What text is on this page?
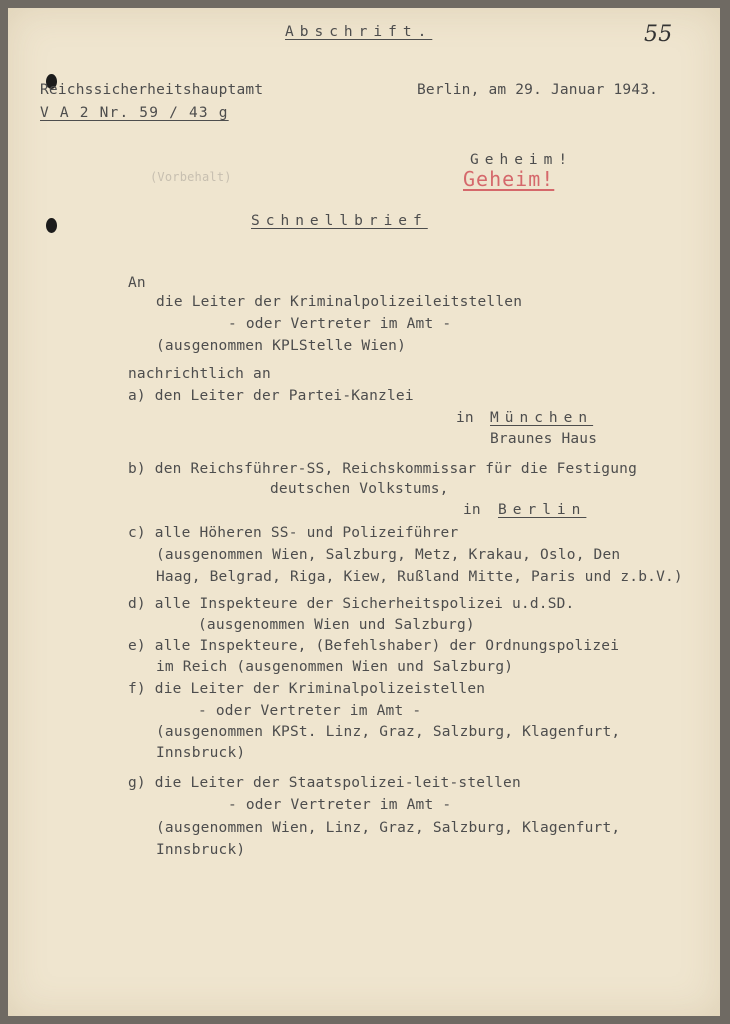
Abschrift.	55
Reichssicherheitshauptamt
V A 2 Nr. 59 / 43 g
Berlin, am 29. Januar 1943.
Geheim!
Geheim!
(Vorbehalt)
Schnellbrief
An
die Leiter der Kriminalpolizeileitstellen
- oder Vertreter im Amt -
(ausgenommen KPLStelle Wien)
nachrichtlich an
a) den Leiter der Partei-Kanzlei
in München
Braunes Haus
b) den Reichsführer-SS, Reichskommissar für die Festigung
deutschen Volkstums,
in Berlin
c) alle Höheren SS- und Polizeiführer
(ausgenommen Wien, Salzburg, Metz, Krakau, Oslo, Den
Haag, Belgrad, Riga, Kiew, Rußland Mitte, Paris und z.b.V.)
d) alle Inspekteure der Sicherheitspolizei u.d.SD.
(ausgenommen Wien und Salzburg)
e) alle Inspekteure, (Befehlshaber) der Ordnungspolizei
im Reich (ausgenommen Wien und Salzburg)
f) die Leiter der Kriminalpolizeistellen
- oder Vertreter im Amt -
(ausgenommen KPSt. Linz, Graz, Salzburg, Klagenfurt,
Innsbruck)
g) die Leiter der Staatspolizei-leit-stellen
- oder Vertreter im Amt -
(ausgenommen Wien, Linz, Graz, Salzburg, Klagenfurt,
Innsbruck)
